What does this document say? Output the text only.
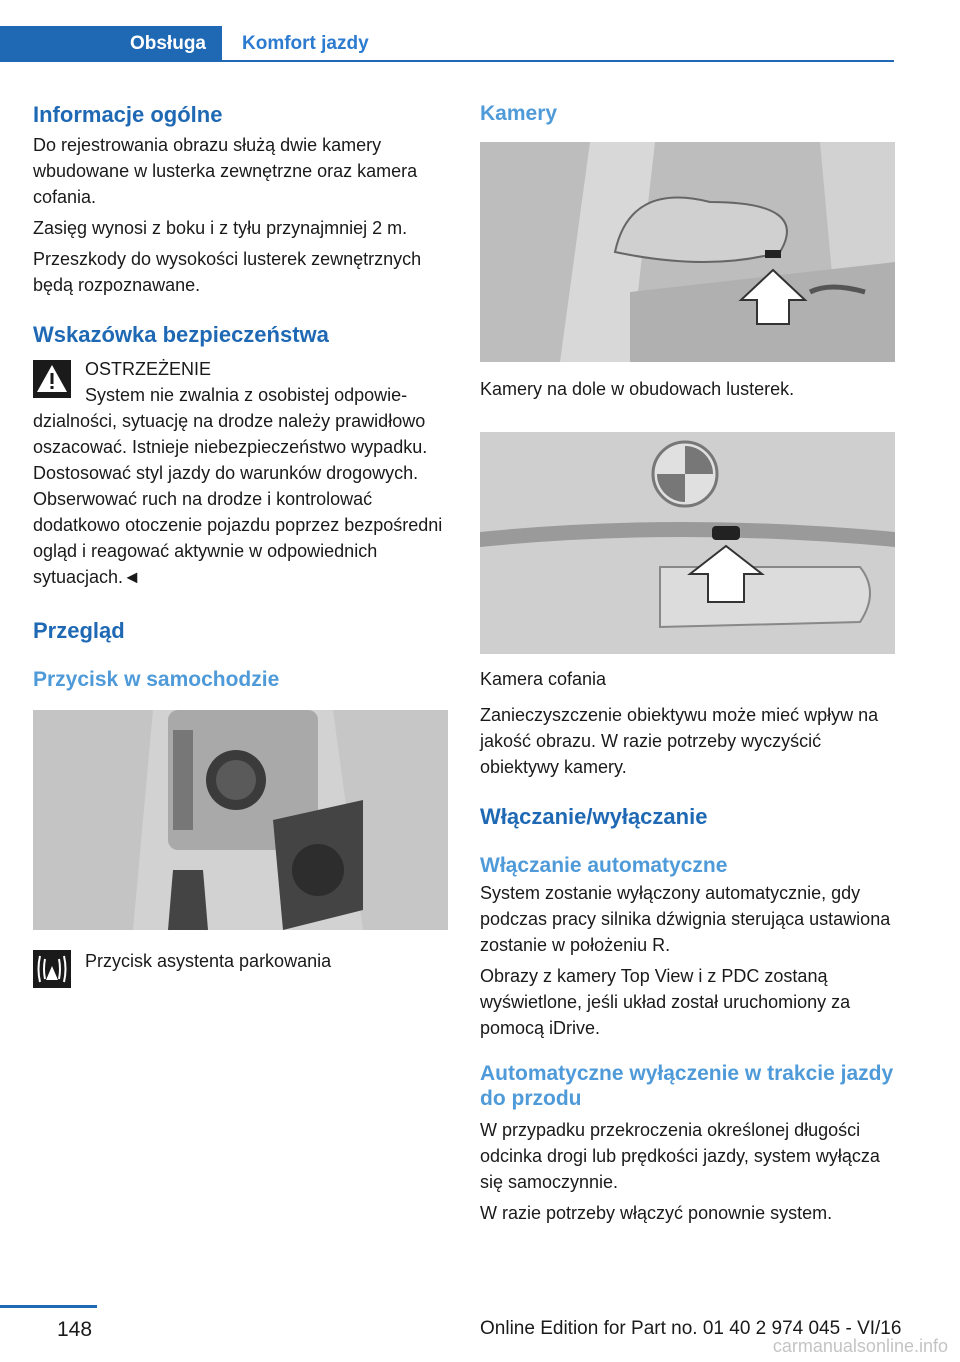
Obsługa	Komfort jazdy
Informacje ogólne

Do rejestrowania obrazu służą dwie kamery wbudowane w lusterka zewnętrzne oraz kamera cofania.

Zasięg wynosi z boku i z tyłu przynajmniej 2 m.

Przeszkody do wysokości lusterek zewnętrznych będą rozpoznawane.

Wskazówka bezpieczeństwa

OSTRZEŻENIE

System nie zwalnia z osobistej odpowiedzialności, sytuację na drodze należy prawidłowo oszacować. Istnieje niebezpieczeństwo wypadku. Dostosować styl jazdy do warunków drogowych. Obserwować ruch na drodze i kontrolować dodatkowo otoczenie pojazdu poprzez bezpośredni ogląd i reagować aktywnie w odpowiednich sytuacjach.◄

Przegląd
Przycisk w samochodzie
Przycisk asystenta parkowania
Kamery
Kamery na dole w obudowach lusterek.
Kamera cofania

Zanieczyszczenie obiektywu może mieć wpływ na jakość obrazu. W razie potrzeby wyczyścić obiektywy kamery.

Włączanie/wyłączanie
Włączanie automatyczne

System zostanie wyłączony automatycznie, gdy podczas pracy silnika dźwignia sterująca ustawiona zostanie w położeniu R.

Obrazy z kamery Top View i z PDC zostaną wyświetlone, jeśli układ został uruchomiony za pomocą iDrive.

Automatyczne wyłączenie w trakcie jazdy do przodu

W przypadku przekroczenia określonej długości odcinka drogi lub prędkości jazdy, system wyłącza się samoczynnie.

W razie potrzeby włączyć ponownie system.

148	Online Edition for Part no. 01 40 2 974 045 - VI/16
carmanualsonline.info
